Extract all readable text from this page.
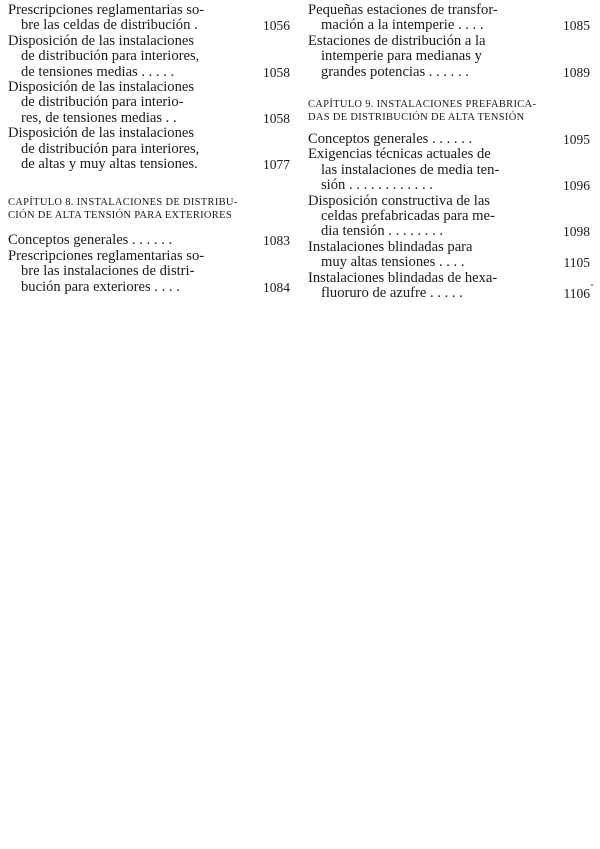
Prescripciones reglamentarias so-
bre las celdas de distribución .	1056
Disposición de las instalaciones
de distribución para interiores,
de tensiones medias . . . . .	1058
Disposición de las instalaciones
de distribución para interio-
res, de tensiones medias . .	1058
Disposición de las instalaciones
de distribución para interiores,
de altas y muy altas tensiones.	1077
CAPÍTULO 8. INSTALACIONES DE DISTRIBU-
CIÓN DE ALTA TENSIÓN PARA EXTERIORES
Conceptos generales . . . . . .	1083
Prescripciones reglamentarias so-
bre las instalaciones de distri-
bución para exteriores . . . .	1084
Pequeñas estaciones de transfor-
mación a la intemperie . . . .	1085
Estaciones de distribución a la
intemperie para medianas y
grandes potencias . . . . . .	1089
CAPÍTULO 9. INSTALACIONES PREFABRICA-
DAS DE DISTRIBUCIÓN DE ALTA TENSIÓN
Conceptos generales . . . . . .	1095
Exigencias técnicas actuales de
las instalaciones de media ten-
sión . . . . . . . . . . . .	1096
Disposición constructiva de las
celdas prefabricadas para me-
dia tensión . . . . . . . .	1098
Instalaciones blindadas para
muy altas tensiones . . . .	1105
Instalaciones blindadas de hexa-
fluoruro de azufre . . . . .	1106
